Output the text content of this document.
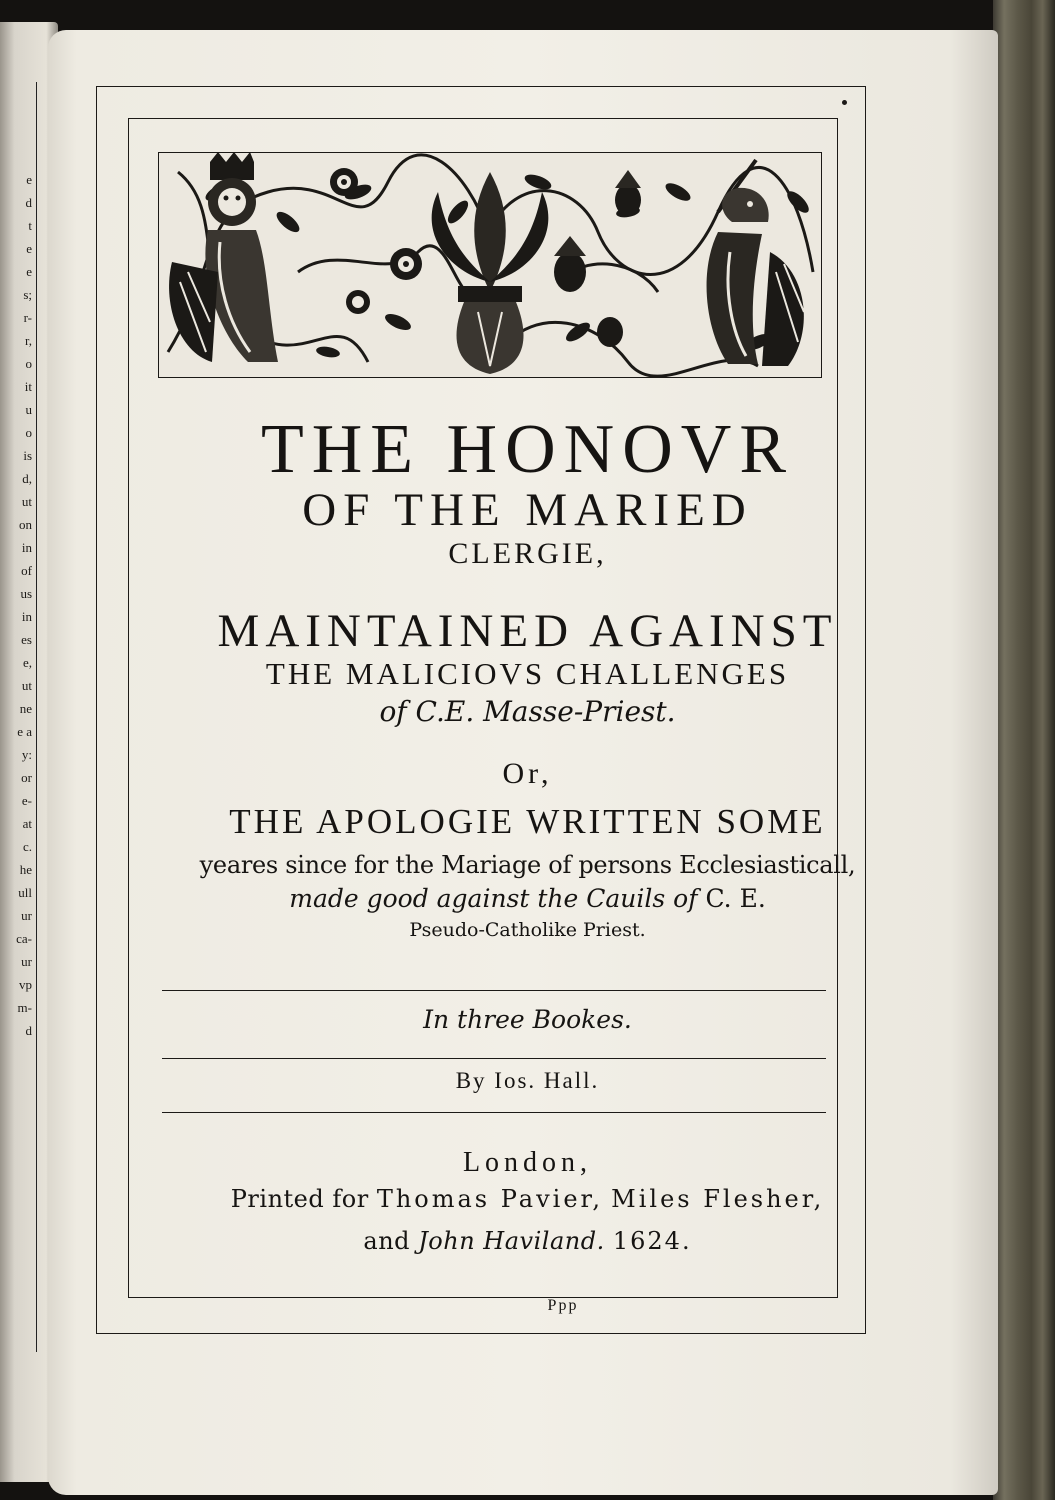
e
d
t
e
e
s;
r-
r,
o
it
u
o
is
d,
ut
on
in
of
us
in
es
e,
ut
ne
e a
y:
or
e-
at
c.
he
ull
ur
ca-
ur
vp
m-
d
THE HONOVR
OF THE MARIED
CLERGIE,
MAINTAINED AGAINST
THE MALICIOVS CHALLENGES
of C.E. Masse-Priest.
Or,
THE APOLOGIE WRITTEN SOME
yeares since for the Mariage of persons Ecclesiasticall,
made good against the Cauils of C. E.
Pseudo-Catholike Priest.
In three Bookes.
By Ios. Hall.
London,
Printed for Thomas Pavier, Miles Flesher,
and John Haviland. 1624.
Ppp
